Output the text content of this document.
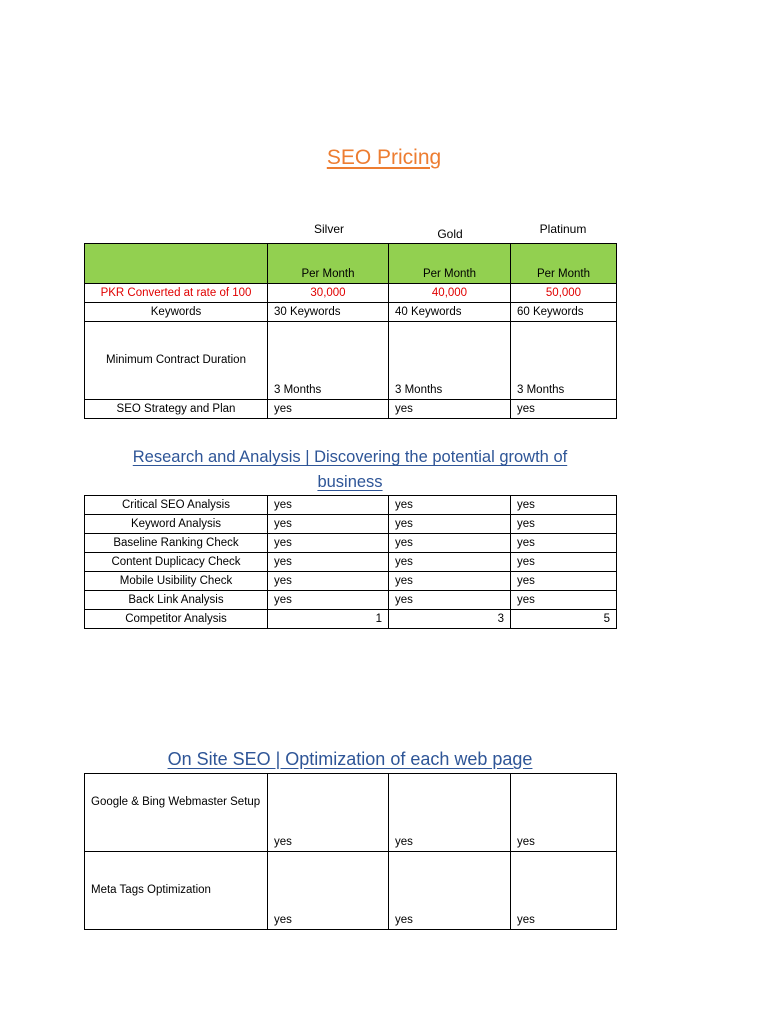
SEO Pricing
Silver	Gold	Platinum
	Per Month	Per Month	Per Month
PKR Converted at rate of 100	30,000	40,000	50,000
Keywords	30 Keywords	40 Keywords	60 Keywords
Minimum Contract Duration	3 Months	3 Months	3 Months
SEO Strategy and Plan	yes	yes	yes
Research and Analysis | Discovering the potential growth of
business
Critical SEO Analysis	yes	yes	yes
Keyword Analysis	yes	yes	yes
Baseline Ranking Check	yes	yes	yes
Content Duplicacy Check	yes	yes	yes
Mobile Usibility Check	yes	yes	yes
Back Link Analysis	yes	yes	yes
Competitor Analysis	1	3	5
On Site SEO | Optimization of each web page
Google & Bing Webmaster Setup	yes	yes	yes
Meta Tags Optimization	yes	yes	yes
